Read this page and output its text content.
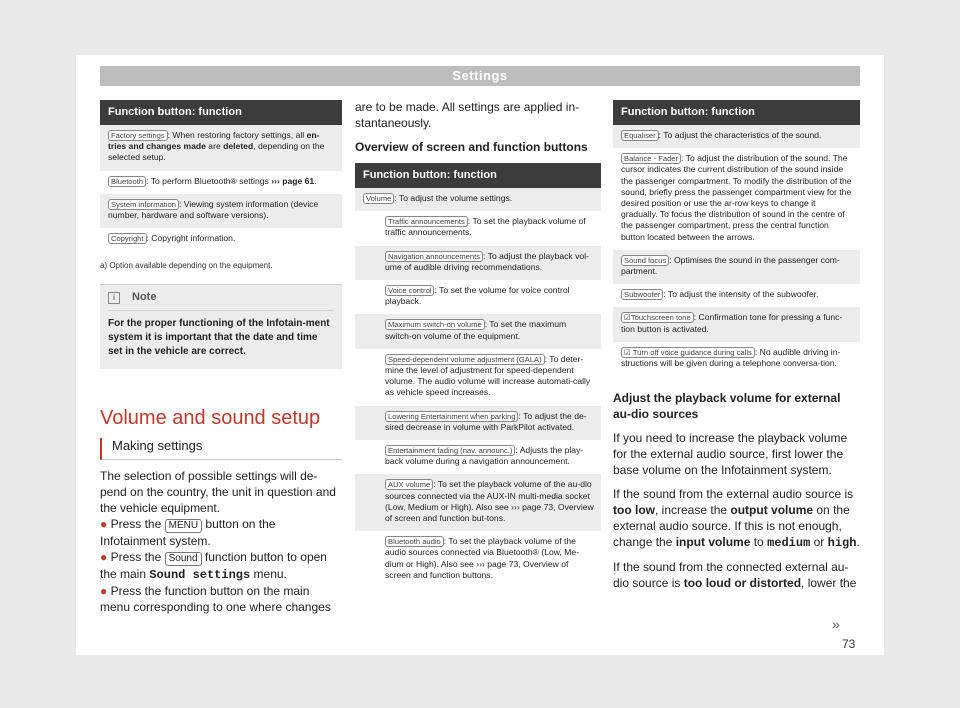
Settings
Function button: function
Factory settings : When restoring factory settings, all en-tries and changes made are deleted, depending on the selected setup.
Bluetooth : To perform Bluetooth® settings ››› page 61.
System information : Viewing system information (device number, hardware and software versions).
Copyright : Copyright information.
a) Option available depending on the equipment.
i Note
For the proper functioning of the Infotain-ment system it is important that the date and time set in the vehicle are correct.
Volume and sound setup
Making settings
The selection of possible settings will de-pend on the country, the unit in question and the vehicle equipment.
● Press the MENU button on the Infotainment system.
● Press the Sound function button to open the main Sound settings menu.
● Press the function button on the main menu corresponding to one where changes
are to be made. All settings are applied in-stantaneously.
Overview of screen and function buttons
Function button: function
Volume : To adjust the volume settings.
Traffic announcements : To set the playback volume of traffic announcements.
Navigation announcements : To adjust the playback vol-ume of audible driving recommendations.
Voice control : To set the volume for voice control playback.
Maximum switch-on volume : To set the maximum switch-on volume of the equipment.
Speed-dependent volume adjustment (GALA) : To deter-mine the level of adjustment for speed-dependent volume. The audio volume will increase automati-cally as vehicle speed increases.
Lowering Entertainment when parking : To adjust the de-sired decrease in volume with ParkPilot activated.
Entertainment fading (nav. announc.) : Adjusts the play-back volume during a navigation announcement.
AUX volume : To set the playback volume of the au-dio sources connected via the AUX-IN multi-media socket (Low, Medium or High). Also see ››› page 73, Overview of screen and function but-tons.
Bluetooth audio : To set the playback volume of the audio sources connected via Bluetooth® (Low, Me-dium or High). Also see ››› page 73, Overview of screen and function buttons.
Function button: function
Equaliser : To adjust the characteristics of the sound.
Balance - Fader : To adjust the distribution of the sound. The cursor indicates the current distribution of the sound inside the passenger compartment. To modify the distribution of the sound, briefly press the passenger compartment view for the desired position or use the ar-row keys to change it gradually. To focus the distribution of sound in the centre of the passenger compartment, press the central function button located between the arrows.
Sound focus : Optimises the sound in the passenger com-partment.
Subwoofer : To adjust the intensity of the subwoofer.
☑Touchscreen tone : Confirmation tone for pressing a func-tion button is activated.
☑ Turn off voice guidance during calls : No audible driving in-structions will be given during a telephone conversa-tion.
Adjust the playback volume for external au-dio sources
If you need to increase the playback volume for the external audio source, first lower the base volume on the Infotainment system.
If the sound from the external audio source is too low, increase the output volume on the external audio source. If this is not enough, change the input volume to medium or high.
If the sound from the connected external au-dio source is too loud or distorted, lower the
»
73
